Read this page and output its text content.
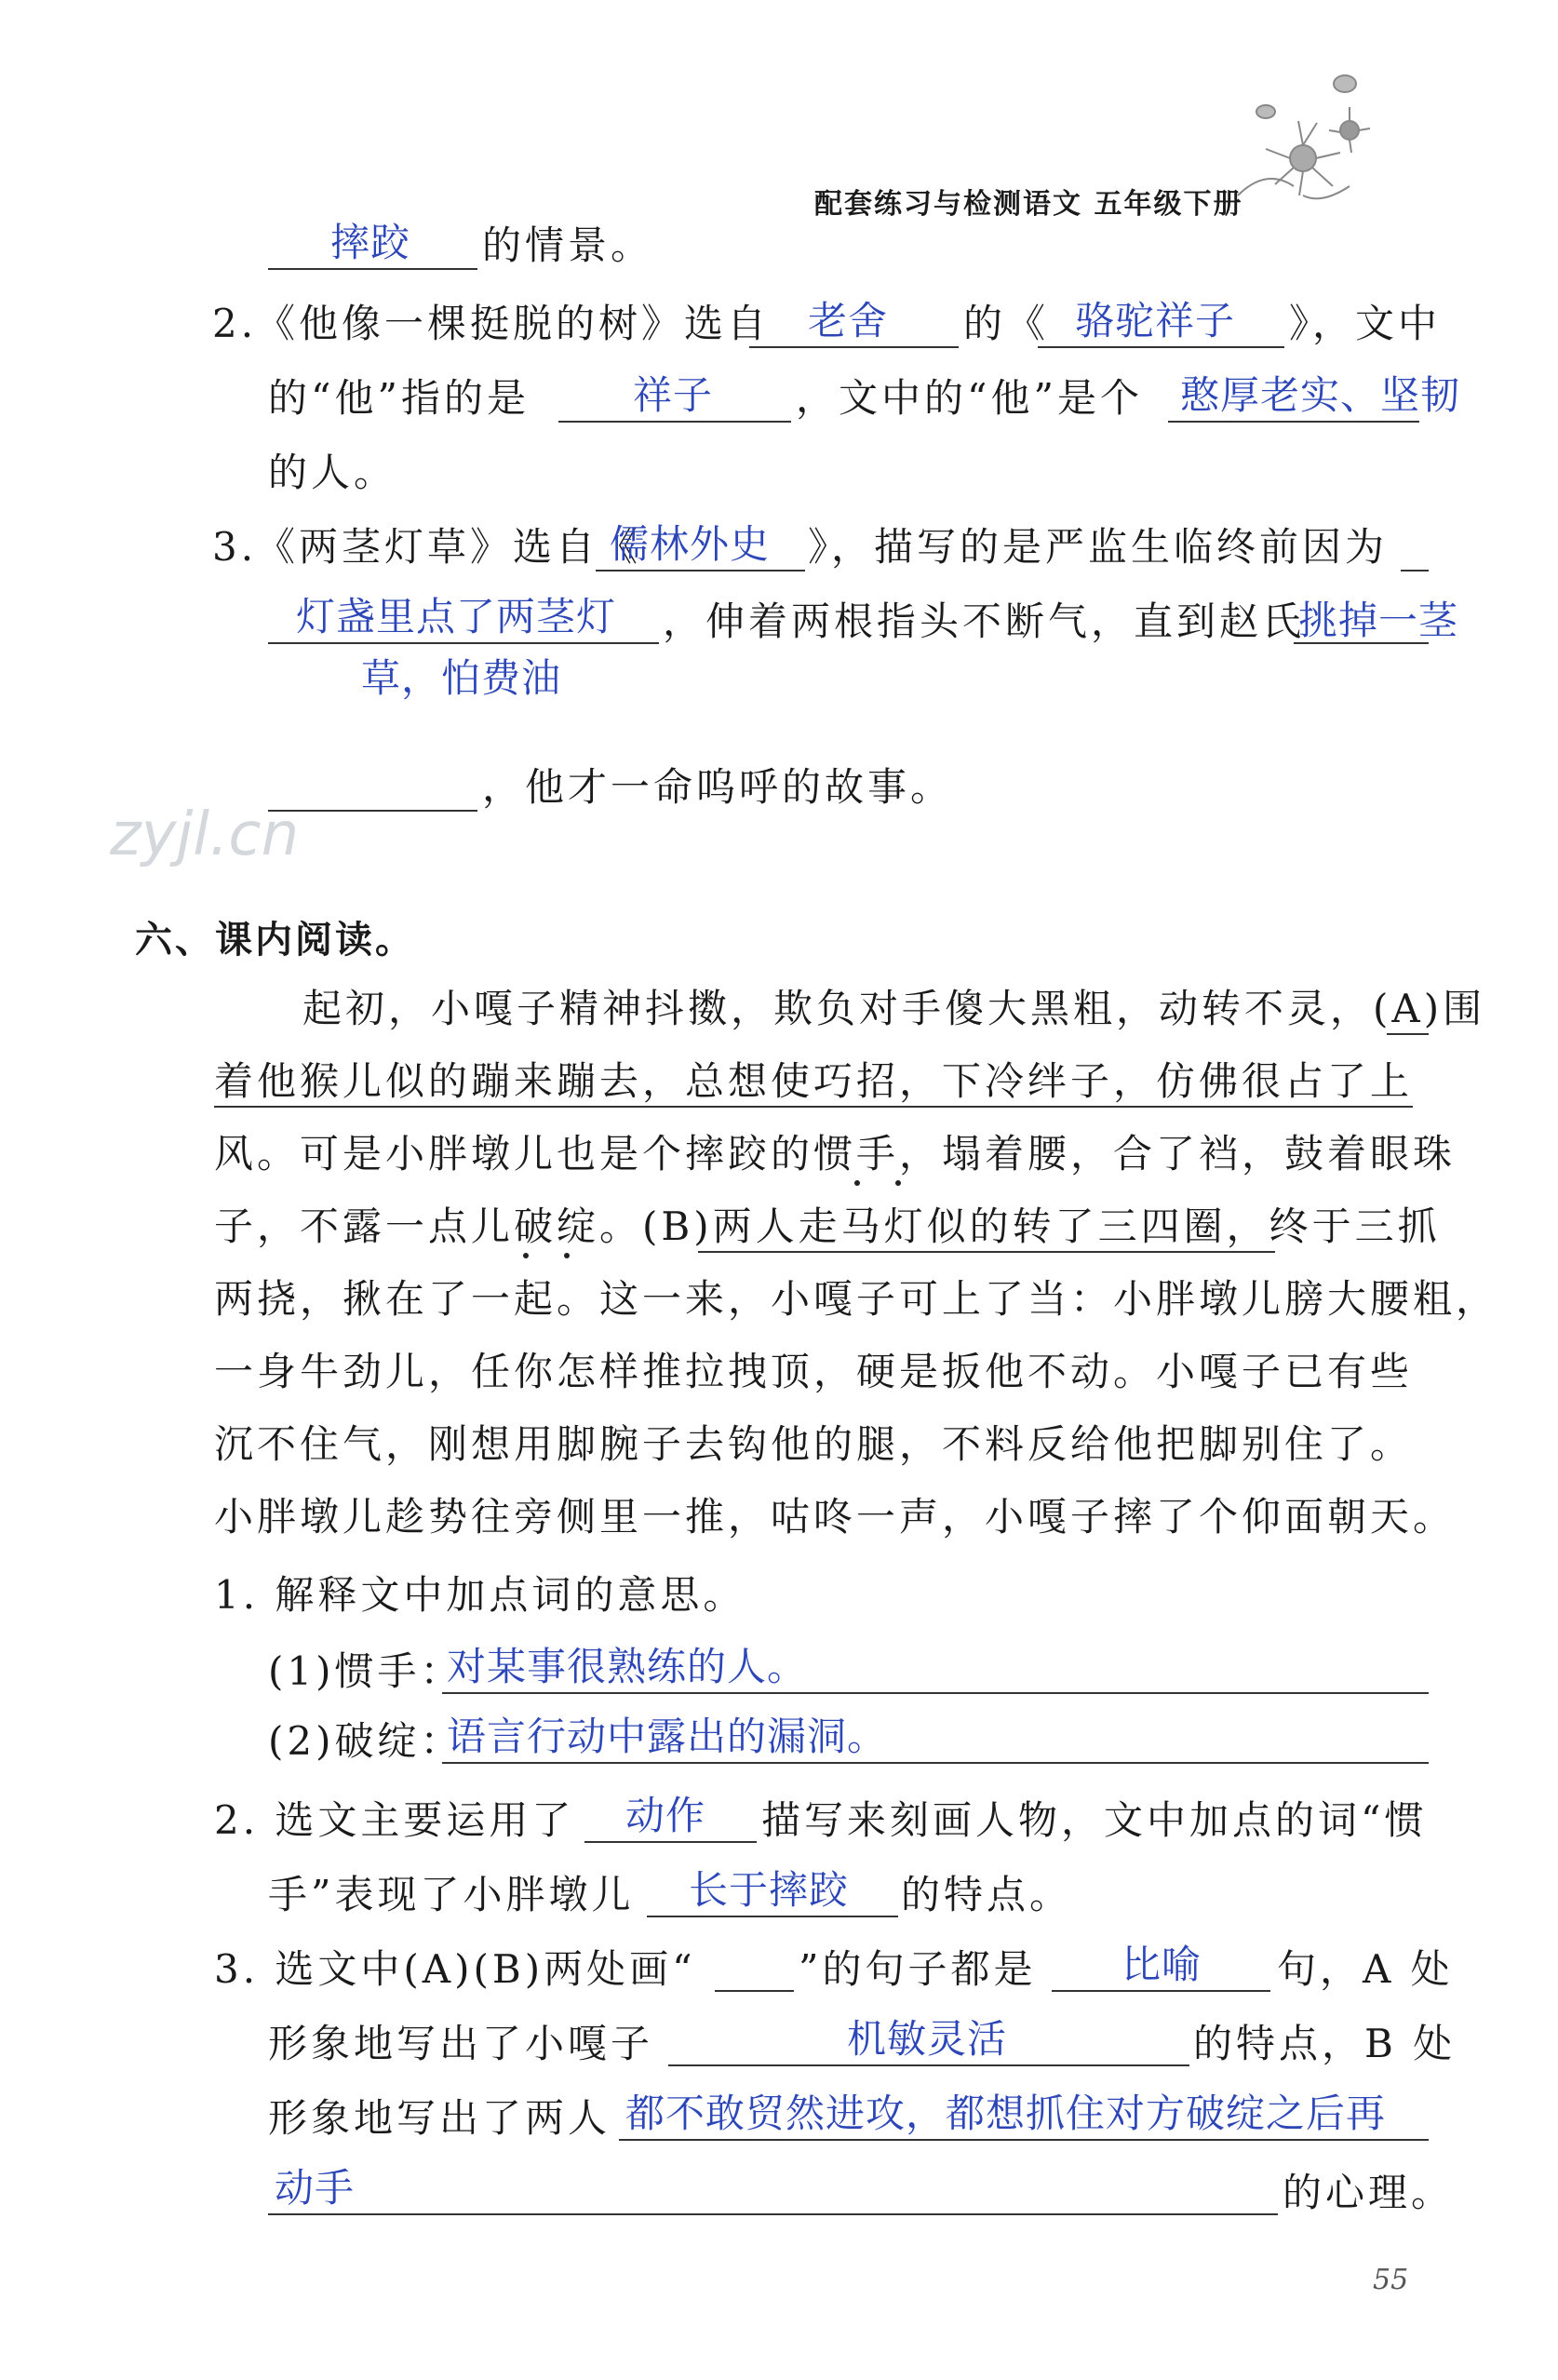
配套练习与检测语文 五年级下册
摔跤 的情景。
2.
《他像一棵挺脱的树》选自 老舍 的《 骆驼祥子 》，文中
的“他”指的是	祥子 ，文中的“他”是个 憨厚老实、坚韧
的人。
3.
《两茎灯草》选自《
儒林外史 》，描写的是严监生临终前因为
灯盏里点了两茎灯 ，伸着两根指头不断气，直到赵氏
挑掉一茎
草，怕费油
，他才一命呜呼的故事。
zyjl.cn
六、课内阅读。
起初，小嘎子精神抖擞，欺负对手傻大黑粗，动转不灵，(A)围
着他猴儿似的蹦来蹦去，总想使巧招，下冷绊子，仿佛很占了上
风。可是小胖墩儿也是个摔跤的惯手，塌着腰，合了裆，鼓着眼珠
子，不露一点儿破绽。(B)两人走马灯似的转了三四圈，终于三抓
两挠，揪在了一起。这一来，小嘎子可上了当：小胖墩儿膀大腰粗，
一身牛劲儿，任你怎样推拉拽顶，硬是扳他不动。小嘎子已有些
沉不住气，刚想用脚腕子去钩他的腿，不料反给他把脚别住了。
小胖墩儿趁势往旁侧里一推，咕咚一声，小嘎子摔了个仰面朝天。
1. 解释文中加点词的意思。
(1)惯手：
对某事很熟练的人。
(2)破绽：
语言行动中露出的漏洞。
2. 选文主要运用了 动作 描写来刻画人物，文中加点的词“惯
手”表现了小胖墩儿 长于摔跤 的特点。
3. 选文中(A)(B)两处画“	”的句子都是 比喻 句，A 处
形象地写出了小嘎子	机敏灵活	的特点，B 处
形象地写出了两人 都不敢贸然进攻，都想抓住对方破绽之后再
动手	的心理。
55
